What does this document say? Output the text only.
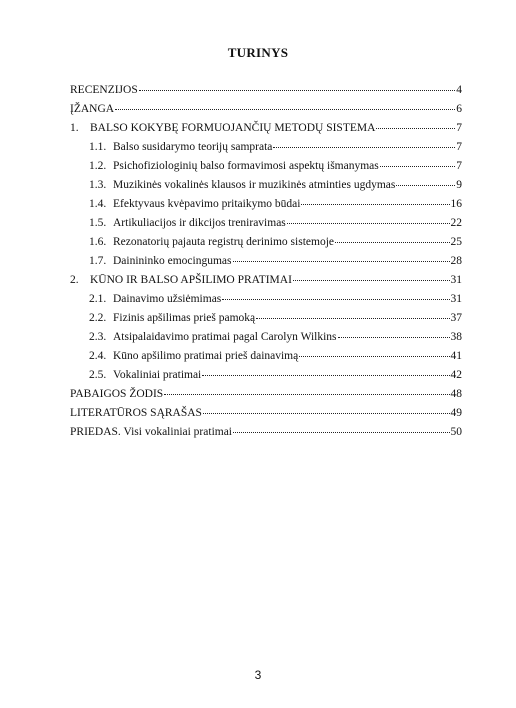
TURINYS
RECENZIJOS	4
ĮŽANGA	6
1. BALSO KOKYBĘ FORMUOJANČIŲ METODŲ SISTEMA	7
1.1. Balso susidarymo teorijų samprata	7
1.2. Psichofiziologinių balso formavimosi aspektų išmanymas	7
1.3. Muzikinės vokalinės klausos ir muzikinės atminties ugdymas	9
1.4. Efektyvaus kvėpavimo pritaikymo būdai	16
1.5. Artikuliacijos ir dikcijos treniravimas	22
1.6. Rezonatorių pajauta registrų derinimo sistemoje	25
1.7. Dainininko emocingumas	28
2. KŪNO IR BALSO APŠILIMO PRATIMAI	31
2.1. Dainavimo užsiėmimas	31
2.2. Fizinis apšilimas prieš pamoką	37
2.3. Atsipalaidavimo pratimai pagal Carolyn Wilkins	38
2.4. Kūno apšilimo pratimai prieš dainavimą	41
2.5. Vokaliniai pratimai	42
PABAIGOS ŽODIS	48
LITERATŪROS SĄRAŠAS	49
PRIEDAS. Visi vokaliniai pratimai	50
3
